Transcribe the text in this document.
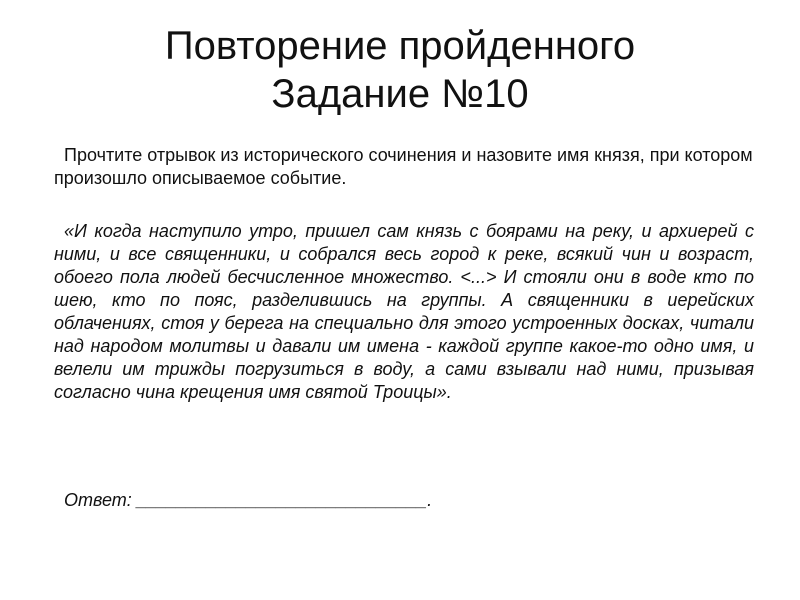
Повторение пройденного
Задание №10

Прочтите отрывок из исторического сочинения и назовите имя князя, при котором произошло описываемое событие.

«И когда наступило утро, пришел сам князь с боярами на реку, и архиерей с ними, и все священники, и собрался весь город к реке, всякий чин и возраст, обоего пола людей бесчисленное множество. <...> И стояли они в воде кто по шею, кто по пояс, разделившись на группы. А священники в иерейских облачениях, стоя у берега на специально для этого устроенных досках, читали над народом молитвы и давали им имена - каждой группе какое-то одно имя, и велели им трижды погрузиться в воду, а сами взывали над ними, призывая согласно чина крещения имя святой Троицы».

Ответ: _____________________________.
